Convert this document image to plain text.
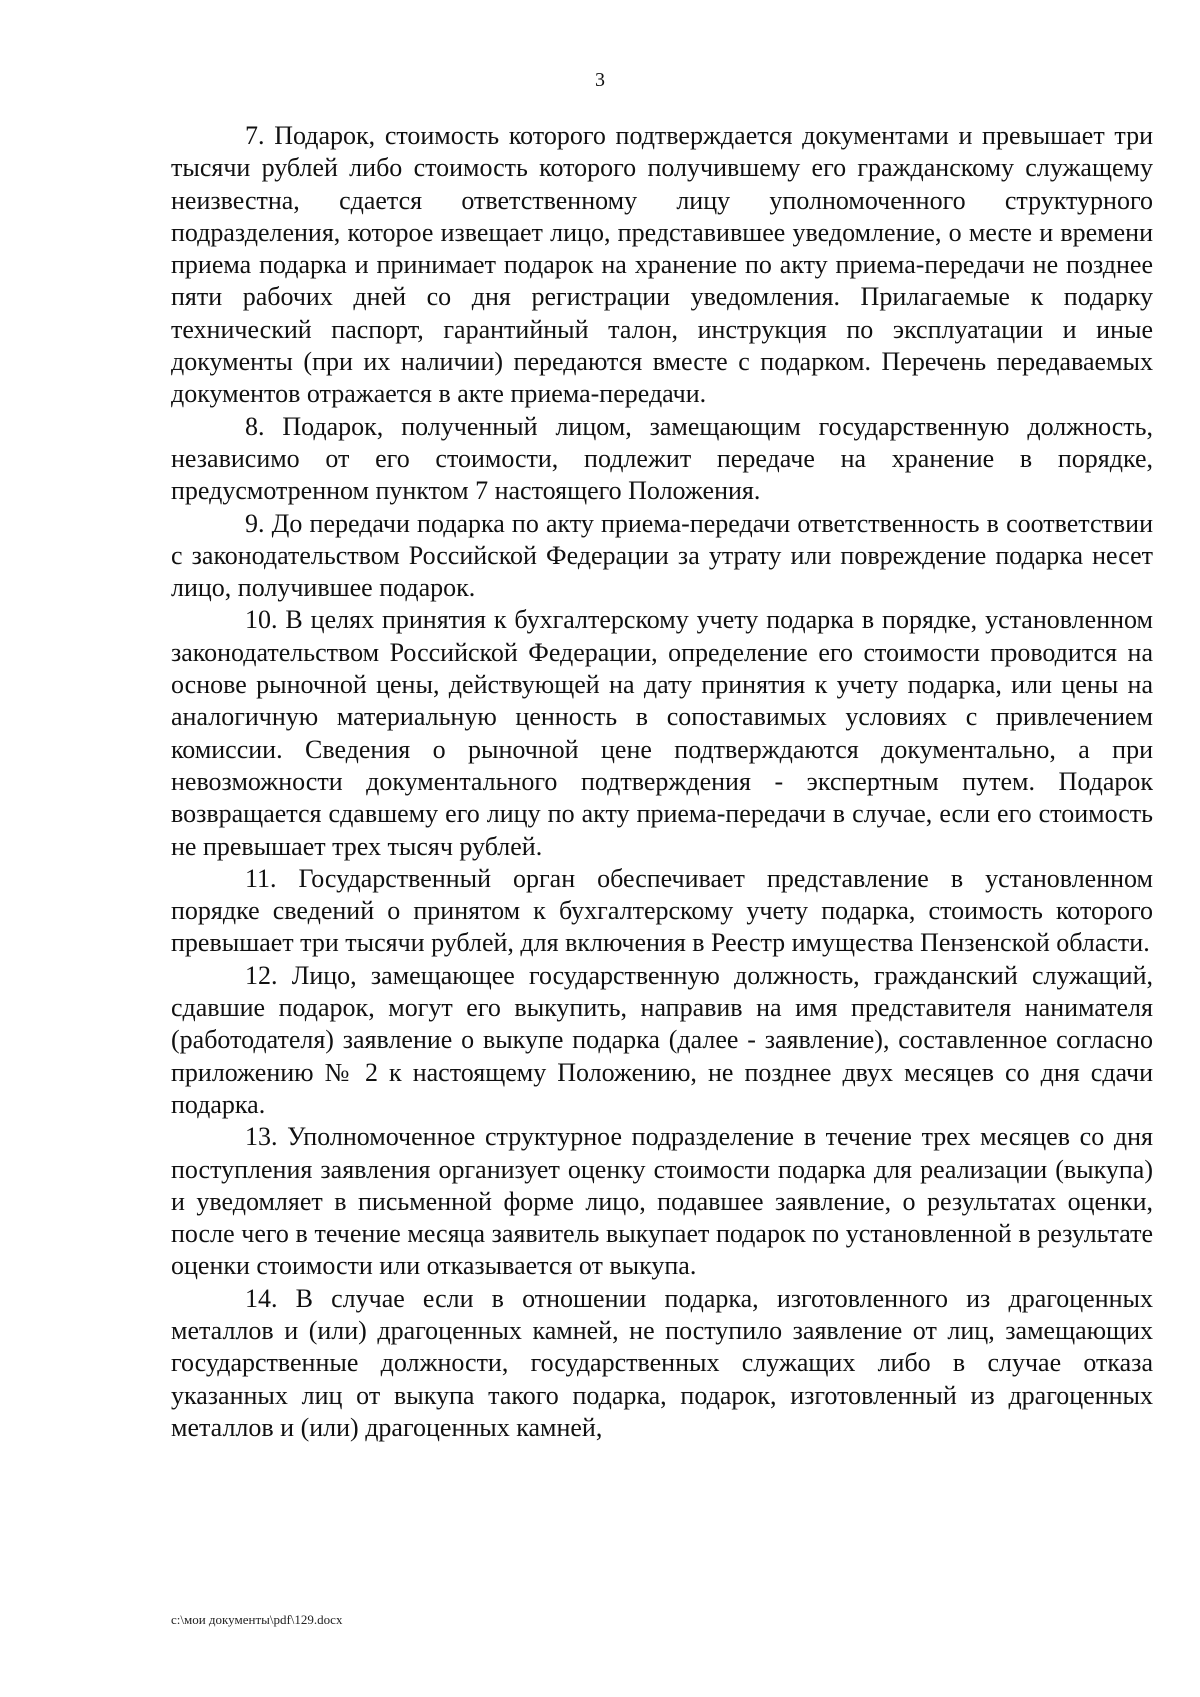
3

7. Подарок, стоимость которого подтверждается документами и превышает три тысячи рублей либо стоимость которого получившему его гражданскому служащему неизвестна, сдается ответственному лицу уполномоченного структурного подразделения, которое извещает лицо, представившее уведомление, о месте и времени приема подарка и принимает подарок на хранение по акту приема-передачи не позднее пяти рабочих дней со дня регистрации уведомления. Прилагаемые к подарку технический паспорт, гарантийный талон, инструкция по эксплуатации и иные документы (при их наличии) передаются вместе с подарком. Перечень передаваемых документов отражается в акте приема-передачи.

8. Подарок, полученный лицом, замещающим государственную должность, независимо от его стоимости, подлежит передаче на хранение в порядке, предусмотренном пунктом 7 настоящего Положения.

9. До передачи подарка по акту приема-передачи ответственность в соответствии с законодательством Российской Федерации за утрату или повреждение подарка несет лицо, получившее подарок.

10. В целях принятия к бухгалтерскому учету подарка в порядке, установленном законодательством Российской Федерации, определение его стоимости проводится на основе рыночной цены, действующей на дату принятия к учету подарка, или цены на аналогичную материальную ценность в сопоставимых условиях с привлечением комиссии. Сведения о рыночной цене подтверждаются документально, а при невозможности документального подтверждения - экспертным путем. Подарок возвращается сдавшему его лицу по акту приема-передачи в случае, если его стоимость не превышает трех тысяч рублей.

11. Государственный орган обеспечивает представление в установленном порядке сведений о принятом к бухгалтерскому учету подарка, стоимость которого превышает три тысячи рублей, для включения в Реестр имущества Пензенской области.

12. Лицо, замещающее государственную должность, гражданский служащий, сдавшие подарок, могут его выкупить, направив на имя представителя нанимателя (работодателя) заявление о выкупе подарка (далее - заявление), составленное согласно приложению № 2 к настоящему Положению, не позднее двух месяцев со дня сдачи подарка.

13. Уполномоченное структурное подразделение в течение трех месяцев со дня поступления заявления организует оценку стоимости подарка для реализации (выкупа) и уведомляет в письменной форме лицо, подавшее заявление, о результатах оценки, после чего в течение месяца заявитель выкупает подарок по установленной в результате оценки стоимости или отказывается от выкупа.

14. В случае если в отношении подарка, изготовленного из драгоценных металлов и (или) драгоценных камней, не поступило заявление от лиц, замещающих государственные должности, государственных служащих либо в случае отказа указанных лиц от выкупа такого подарка, подарок, изготовленный из драгоценных металлов и (или) драгоценных камней,

c:\мои документы\pdf\129.docx
